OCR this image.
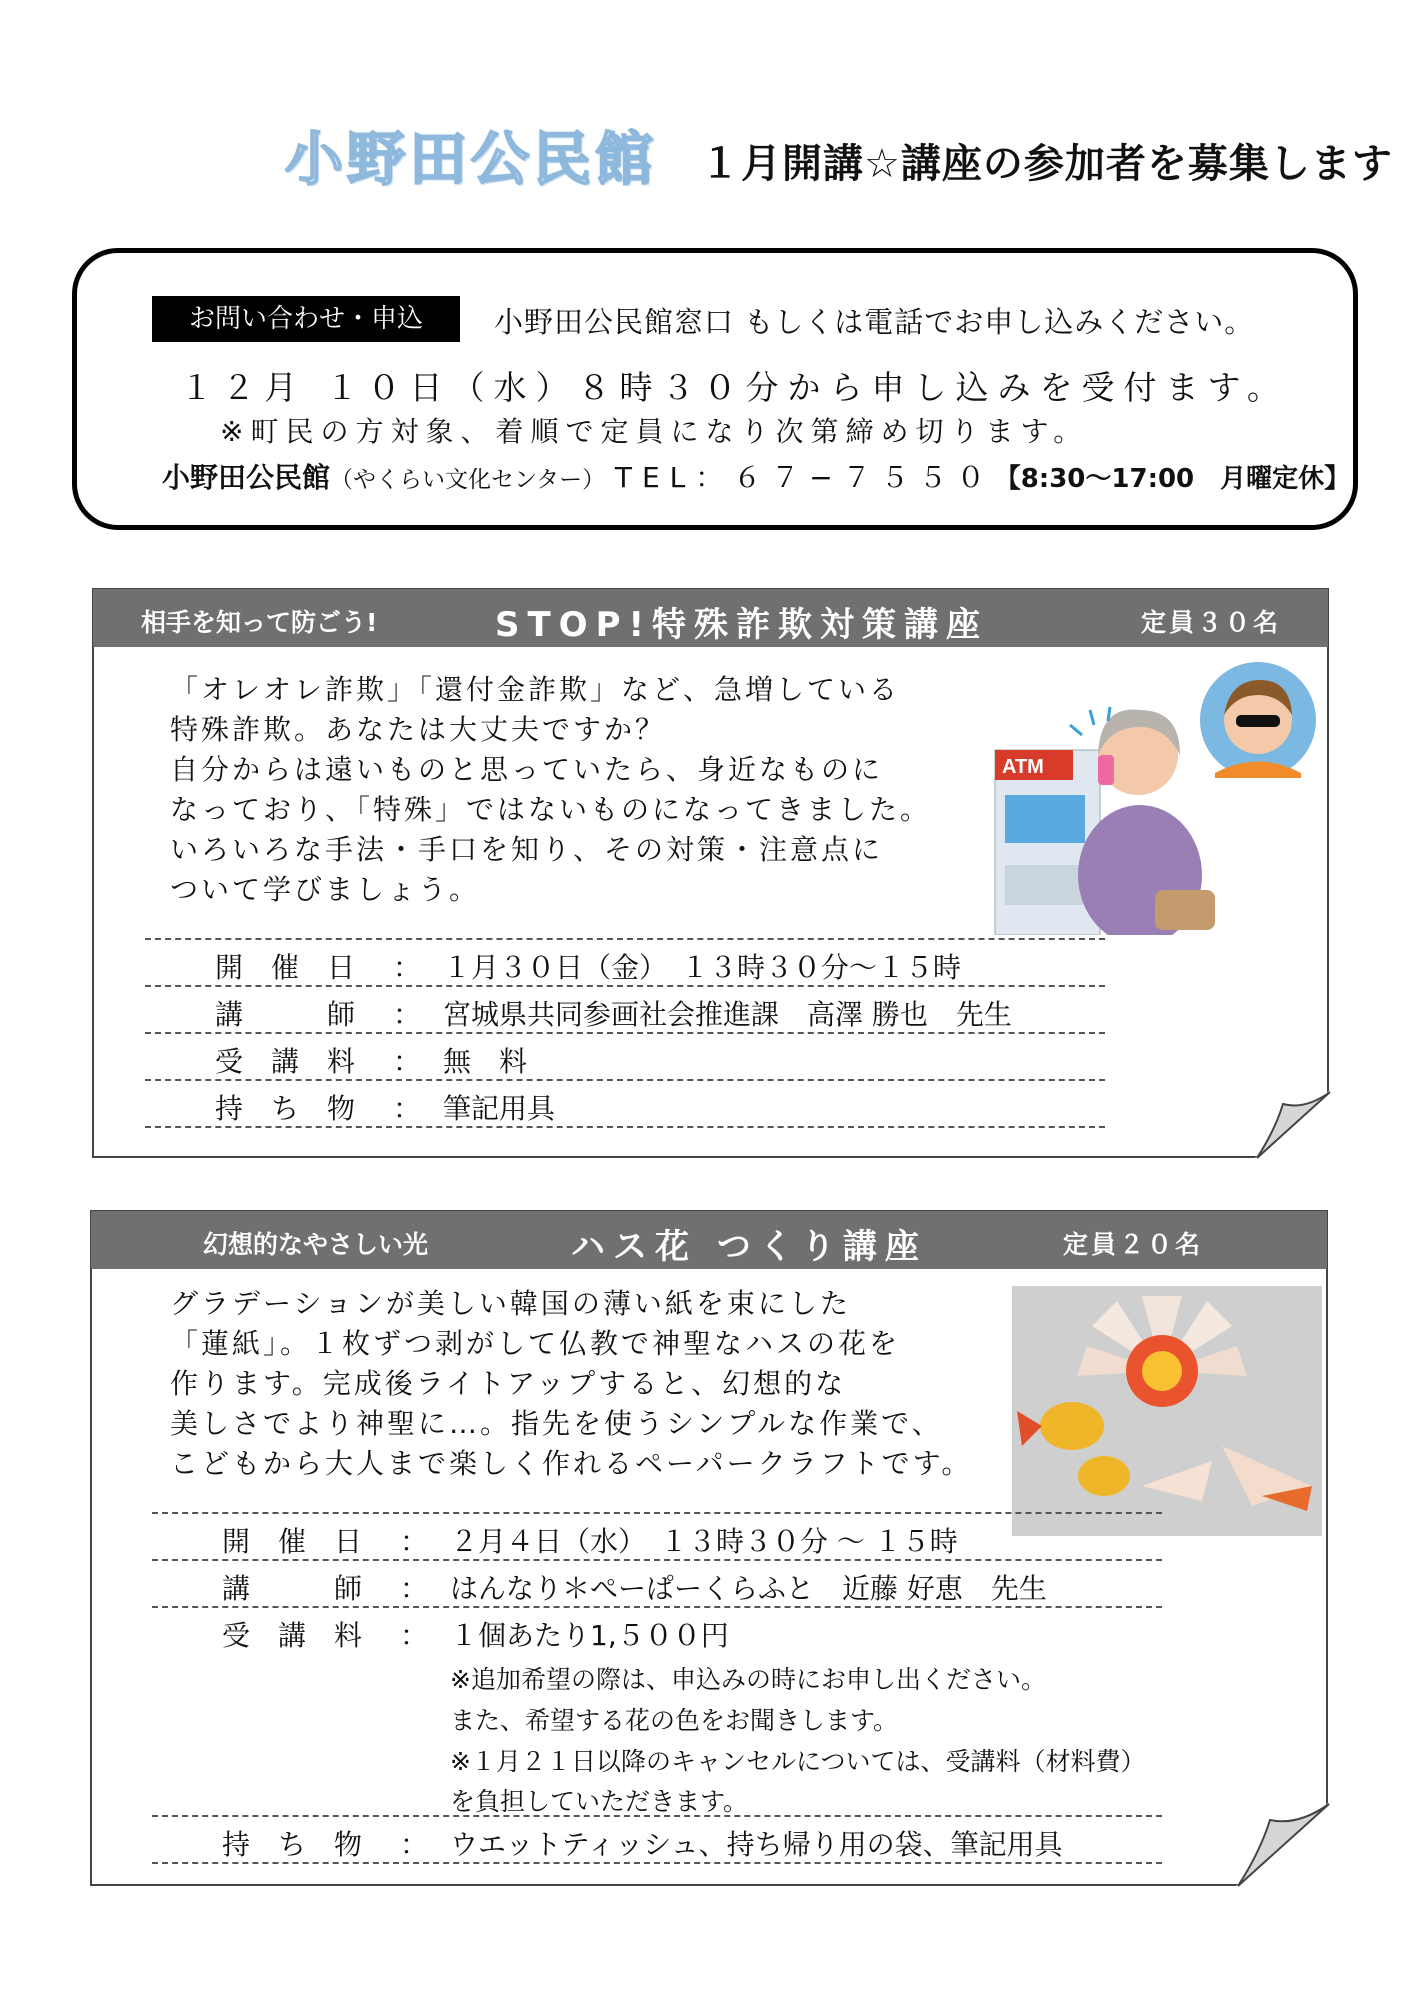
小野田公民館 １月開講☆講座の参加者を募集します
お問い合わせ・申込	小野田公民館窓口 もしくは電話でお申し込みください。
１２月 １０日（水）８時３０分から申し込みを受付ます。
※町民の方対象、着順で定員になり次第締め切ります。
小野田公民館（やくらい文化センター） TEL：６７−７５５０【8:30〜17:00　月曜定休】
相手を知って防ごう!	STOP!特殊詐欺対策講座	定員３０名
「オレオレ詐欺」「還付金詐欺」など、急増している
特殊詐欺。あなたは大丈夫ですか？
自分からは遠いものと思っていたら、身近なものに
なっており、「特殊」ではないものになってきました。
いろいろな手法・手口を知り、その対策・注意点に
ついて学びましょう。
ATM
開　催　日 ： １月３０日（金）　１３時３０分〜１５時
講　　　師 ： 宮城県共同参画社会推進課　高澤 勝也　先生
受　講　料 ： 無　料
持　ち　物 ： 筆記用具
幻想的なやさしい光	ハス花 つくり講座	定員２０名
グラデーションが美しい韓国の薄い紙を束にした
「蓮紙」。１枚ずつ剥がして仏教で神聖なハスの花を
作ります。完成後ライトアップすると、幻想的な
美しさでより神聖に…。指先を使うシンプルな作業で、
こどもから大人まで楽しく作れるペーパークラフトです。
開　催　日 ： ２月４日（水）　１３時３０分 〜 １５時
講　　　師 ： はんなり＊ぺーぱーくらふと　近藤 好恵　先生
受　講　料 ： １個あたり1,５００円
※追加希望の際は、申込みの時にお申し出ください。
また、希望する花の色をお聞きします。
※１月２１日以降のキャンセルについては、受講料（材料費）
を負担していただきます。
持　ち　物 ： ウエットティッシュ、持ち帰り用の袋、筆記用具
